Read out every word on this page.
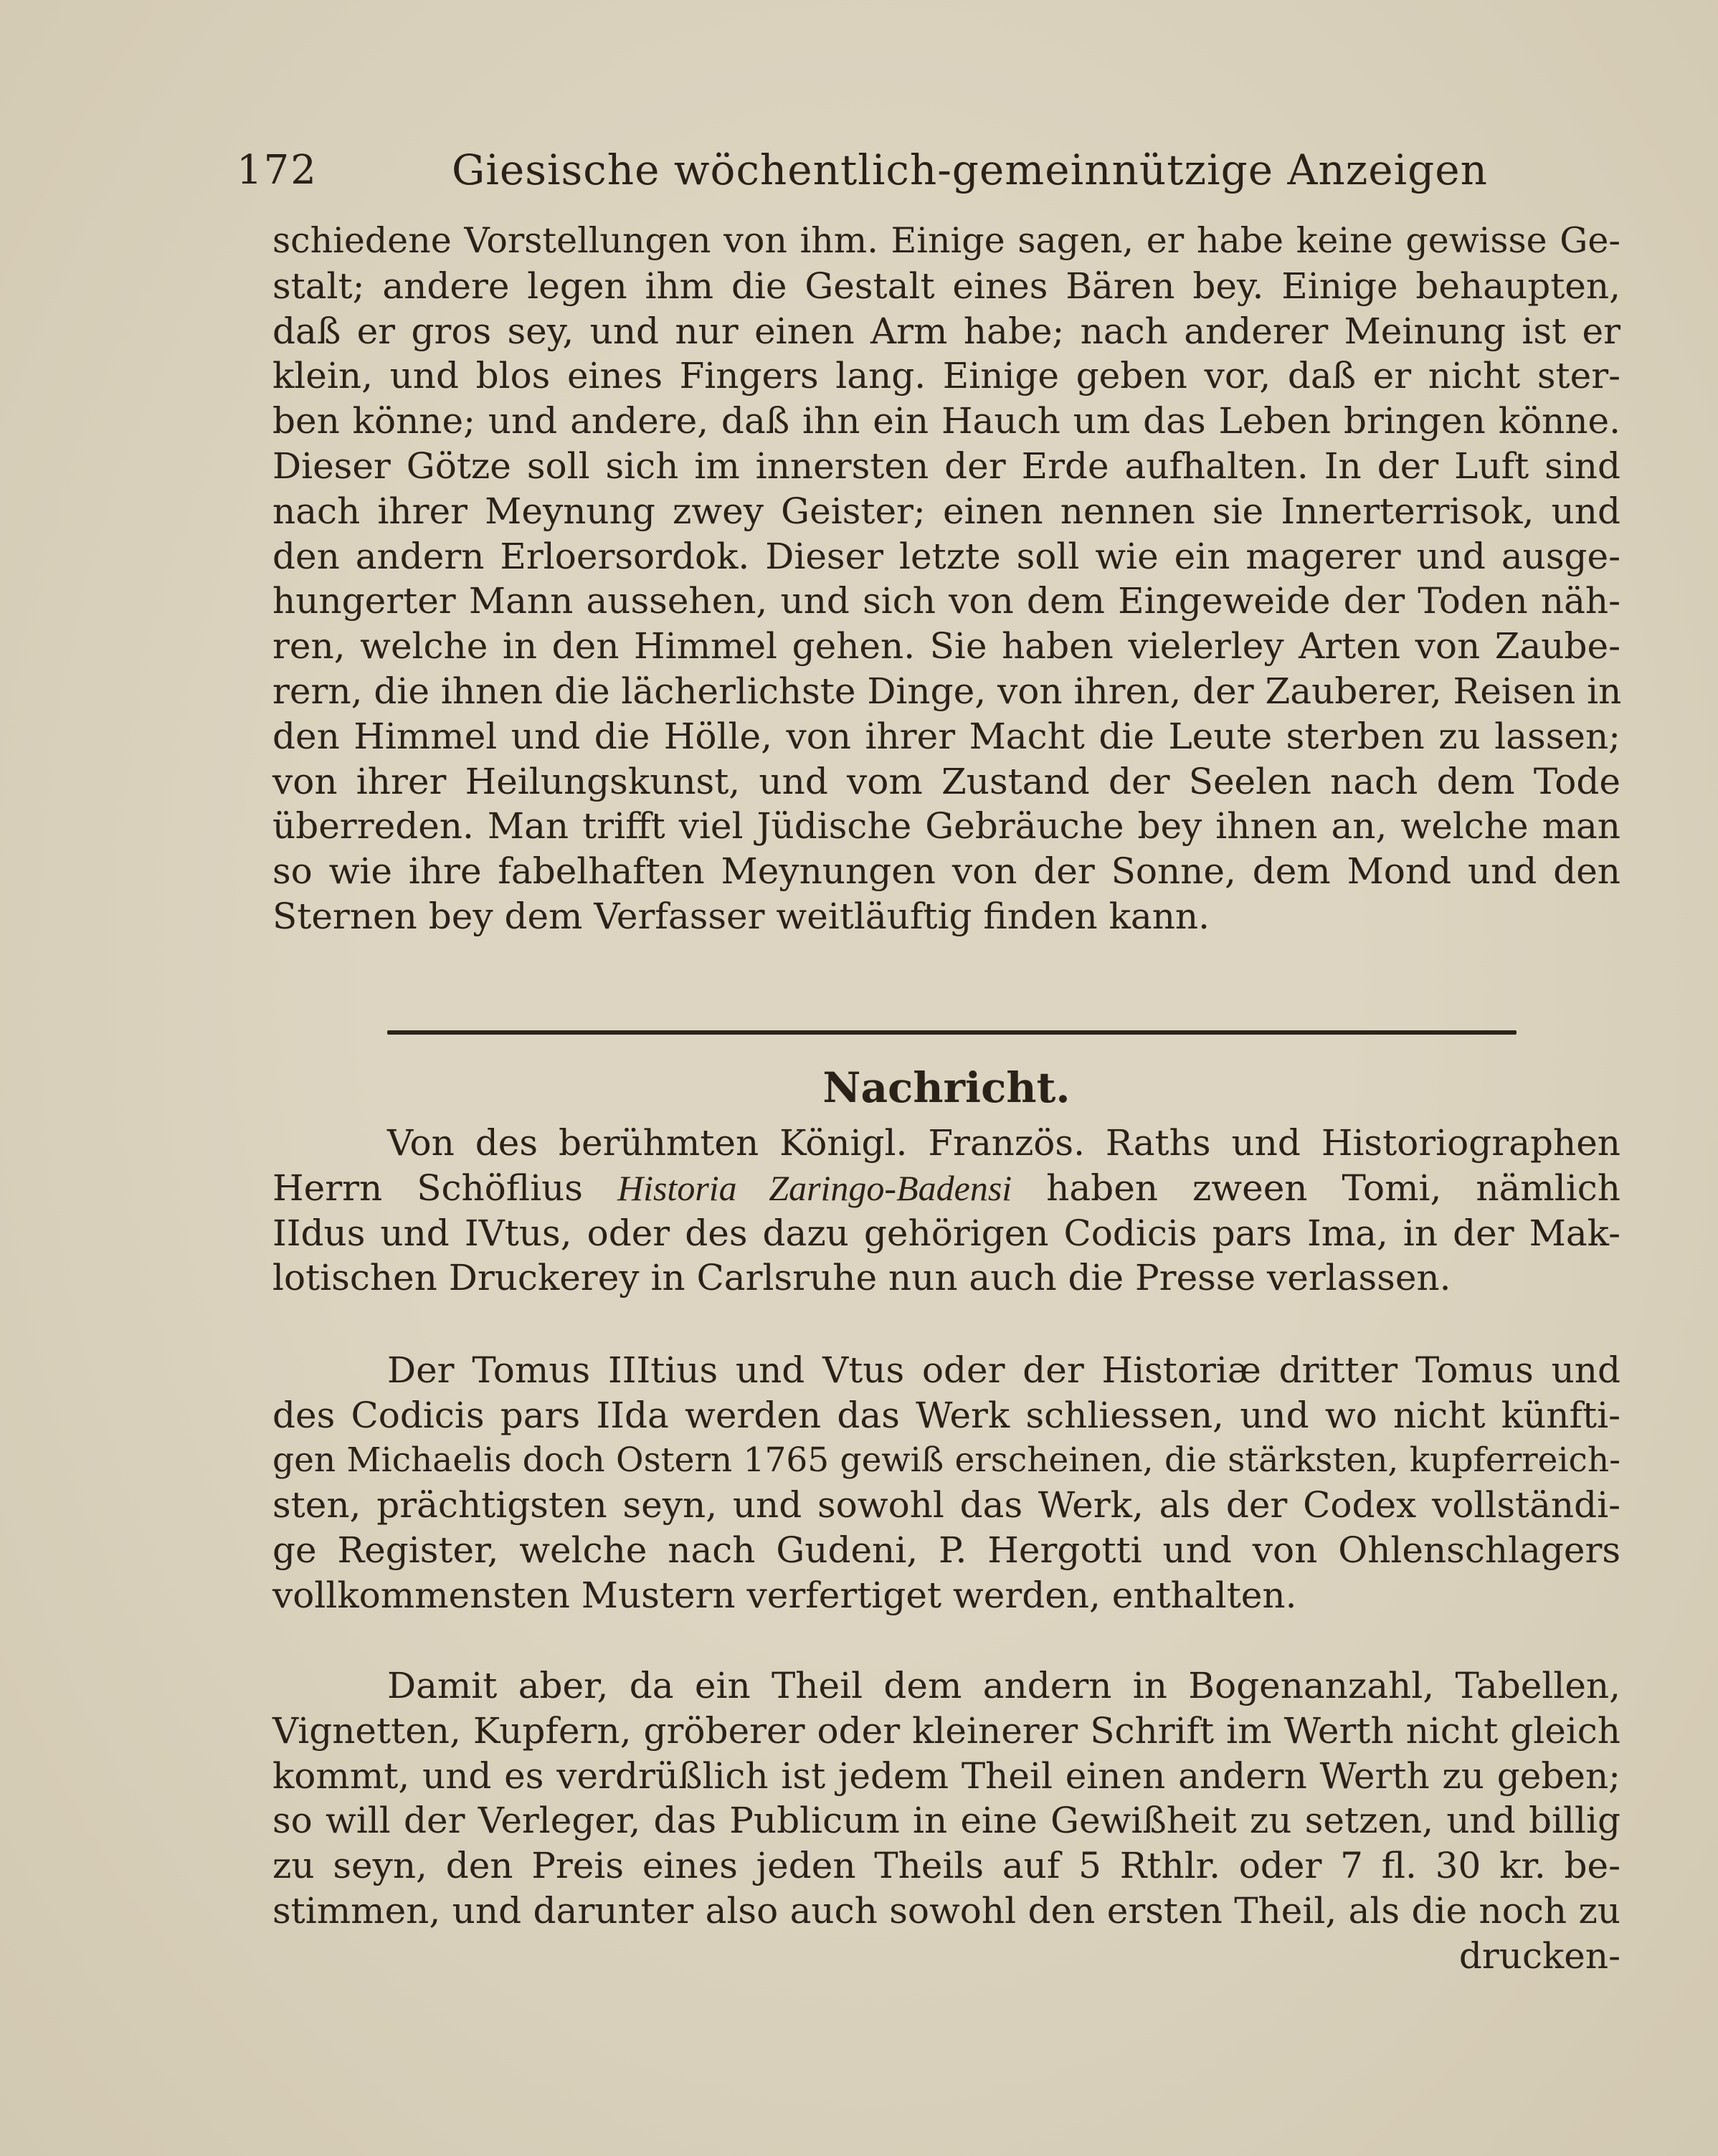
172	Giesische wöchentlich-gemeinnützige Anzeigen
schiedene Vorstellungen von ihm. Einige sagen, er habe keine gewisse Ge-
stalt; andere legen ihm die Gestalt eines Bären bey. Einige behaupten,
daß er gros sey, und nur einen Arm habe; nach anderer Meinung ist er
klein, und blos eines Fingers lang. Einige geben vor, daß er nicht ster-
ben könne; und andere, daß ihn ein Hauch um das Leben bringen könne.
Dieser Götze soll sich im innersten der Erde aufhalten. In der Luft sind
nach ihrer Meynung zwey Geister; einen nennen sie Innerterrisok, und
den andern Erloersordok. Dieser letzte soll wie ein magerer und ausge-
hungerter Mann aussehen, und sich von dem Eingeweide der Toden näh-
ren, welche in den Himmel gehen. Sie haben vielerley Arten von Zaube-
rern, die ihnen die lächerlichste Dinge, von ihren, der Zauberer, Reisen in
den Himmel und die Hölle, von ihrer Macht die Leute sterben zu lassen;
von ihrer Heilungskunst, und vom Zustand der Seelen nach dem Tode
überreden. Man trifft viel Jüdische Gebräuche bey ihnen an, welche man
so wie ihre fabelhaften Meynungen von der Sonne, dem Mond und den
Sternen bey dem Verfasser weitläuftig finden kann.
Nachricht.
Von des berühmten Königl. Französ. Raths und Historiographen
Herrn Schöflius Historia Zaringo-Badensi haben zween Tomi, nämlich
IIdus und IVtus, oder des dazu gehörigen Codicis pars Ima, in der Mak-
lotischen Druckerey in Carlsruhe nun auch die Presse verlassen.
Der Tomus IIItius und Vtus oder der Historiæ dritter Tomus und
des Codicis pars IIda werden das Werk schliessen, und wo nicht künfti-
gen Michaelis doch Ostern 1765 gewiß erscheinen, die stärksten, kupferreich-
sten, prächtigsten seyn, und sowohl das Werk, als der Codex vollständi-
ge Register, welche nach Gudeni, P. Hergotti und von Ohlenschlagers
vollkommensten Mustern verfertiget werden, enthalten.
Damit aber, da ein Theil dem andern in Bogenanzahl, Tabellen,
Vignetten, Kupfern, gröberer oder kleinerer Schrift im Werth nicht gleich
kommt, und es verdrüßlich ist jedem Theil einen andern Werth zu geben;
so will der Verleger, das Publicum in eine Gewißheit zu setzen, und billig
zu seyn, den Preis eines jeden Theils auf 5 Rthlr. oder 7 fl. 30 kr. be-
stimmen, und darunter also auch sowohl den ersten Theil, als die noch zu
drucken-
